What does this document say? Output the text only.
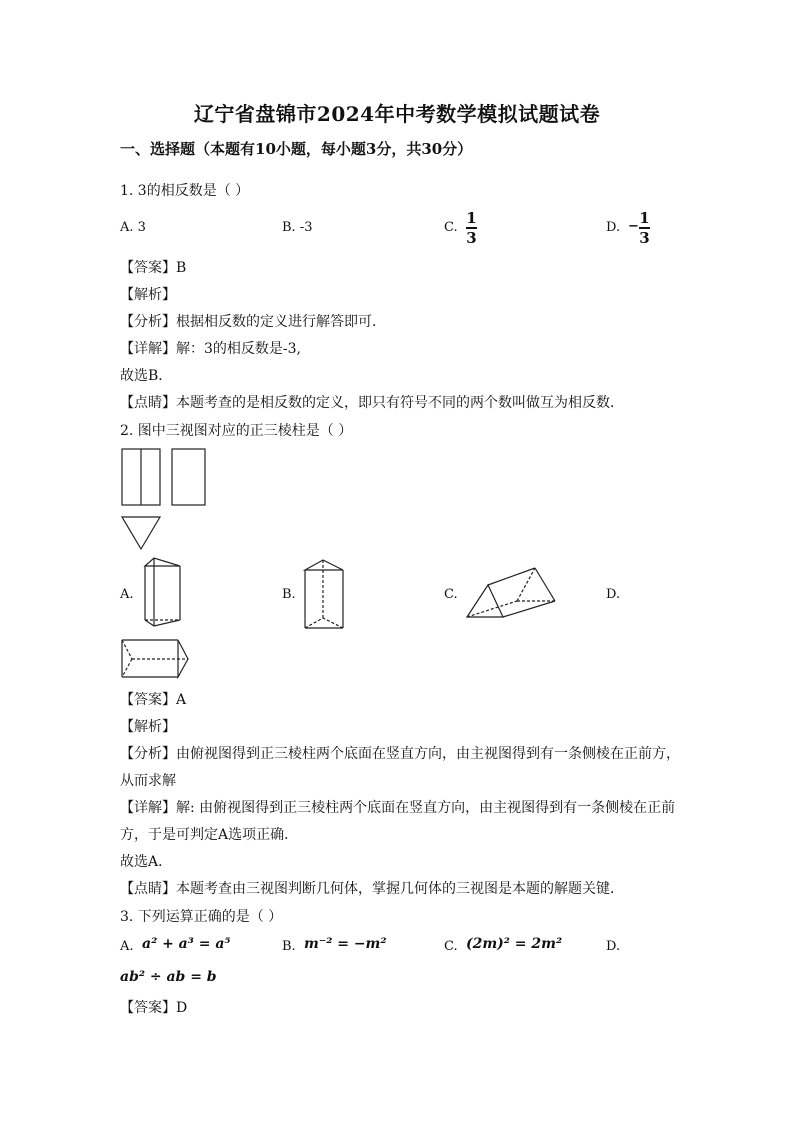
辽宁省盘锦市2024年中考数学模拟试题试卷
一、选择题（本题有10小题，每小题3分，共30分）
1. 3的相反数是（ ）
A. 3	B. -3	C.
1
3
D. − 1
3
【答案】B
【解析】
【分析】根据相反数的定义进行解答即可．
【详解】解：3的相反数是-3,
故选B．
【点睛】本题考查的是相反数的定义，即只有符号不同的两个数叫做互为相反数．
2. 图中三视图对应的正三棱柱是（ ）
A.	B.	C.	D.
【答案】A
【解析】
【分析】由俯视图得到正三棱柱两个底面在竖直方向，由主视图得到有一条侧棱在正前方，
从而求解
【详解】解: 由俯视图得到正三棱柱两个底面在竖直方向，由主视图得到有一条侧棱在正前
方，于是可判定A选项正确．
故选A．
【点睛】本题考查由三视图判断几何体，掌握几何体的三视图是本题的解题关键．
3. 下列运算正确的是（ ）
A. a² + a³ = a⁵	B. m⁻² = −m²	C. (2m)² = 2m²	D.
ab² ÷ ab = b
【答案】D
